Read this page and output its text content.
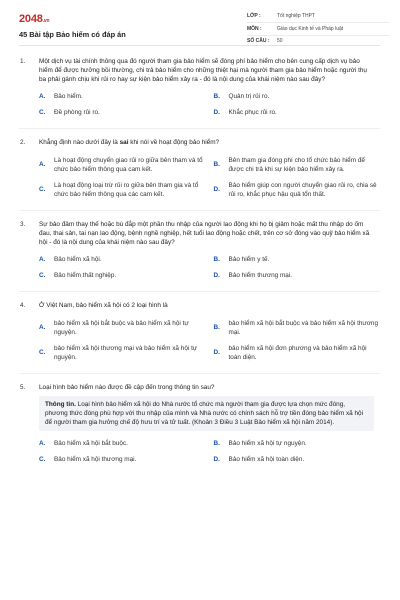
2048.vn
45 Bài tập Bảo hiểm có đáp án
LỚP :	Tốt nghiệp THPT
MÔN :	Giáo dục Kinh tế và Pháp luật
SỐ CÂU :	50
1. Một dịch vụ tài chính thông qua đó người tham gia bảo hiểm sẽ đóng phí bảo hiểm cho bên cung cấp dịch vụ bảo hiểm để được hưởng bồi thường, chi trả bảo hiểm cho những thiệt hại mà người tham gia bảo hiểm hoặc người thụ ba phải gánh chịu khi rủi ro hay sự kiện bảo hiểm xảy ra - đó là nội dung của khái niệm nào sau đây?
A.	Bảo hiểm.	B.	Quản trị rủi ro.
C.	Đề phòng rủi ro.	D.	Khắc phục rủi ro.
2. Khẳng định nào dưới đây là sai khi nói về hoạt động bảo hiểm?
A.
Là hoạt động chuyển giao rủi ro giữa bên tham và tổ chức bảo hiểm thông qua cam kết.
B.
Bên tham gia đóng phí cho tổ chức bảo hiểm để được chi trả khi sự kiện bảo hiểm xảy ra.
C.
Là hoạt động loại trừ rủi ro giữa bên tham gia và tổ chức bảo hiểm thông qua các cam kết.
D.
Bảo hiểm giúp con người chuyển giao rủi ro, chia sẻ rủi ro, khắc phục hậu quả tổn thất.
3. Sự bảo đảm thay thế hoặc bù đắp một phần thu nhập của người lao động khi họ bị giảm hoặc mất thu nhập do ốm đau, thai sản, tai nạn lao động, bệnh nghề nghiệp, hết tuổi lao động hoặc chết, trên cơ sở đóng vào quỹ bảo hiểm xã hội - đó là nội dung của khái niệm nào sau đây?
A.	Bảo hiểm xã hội.	B.	Bảo hiểm y tế.
C.	Bảo hiểm thất nghiệp.	D.	Bảo hiểm thương mại.
4. Ở Việt Nam, bảo hiểm xã hội có 2 loại hình là
A.
bảo hiểm xã hội bắt buộc và bảo hiểm xã hội tự nguyện.
B.
bảo hiểm xã hội bắt buộc và bảo hiểm xã hội thương mại.
C.
bảo hiểm xã hội thương mại và bảo hiểm xã hội tự nguyện.
D.
bảo hiểm xã hội đơn phương và bảo hiểm xã hội toàn diện.
5. Loại hình bảo hiểm nào được đề cập đến trong thông tin sau?
Thông tin. Loại hình bảo hiểm xã hội do Nhà nước tổ chức mà người tham gia được lựa chọn mức đóng, phương thức đóng phù hợp với thu nhập của mình và Nhà nước có chính sách hỗ trợ tiền đóng bảo hiểm xã hội để người tham gia hưởng chế độ hưu trí và tử tuất. (Khoản 3 Điều 3 Luật Bảo hiểm xã hội năm 2014).
A.	Bảo hiểm xã hội bắt buộc.	B.	Bảo hiểm xã hội tự nguyện.
C.	Bảo hiểm xã hội thương mại.	D.	Bảo hiểm xã hội toàn diện.
